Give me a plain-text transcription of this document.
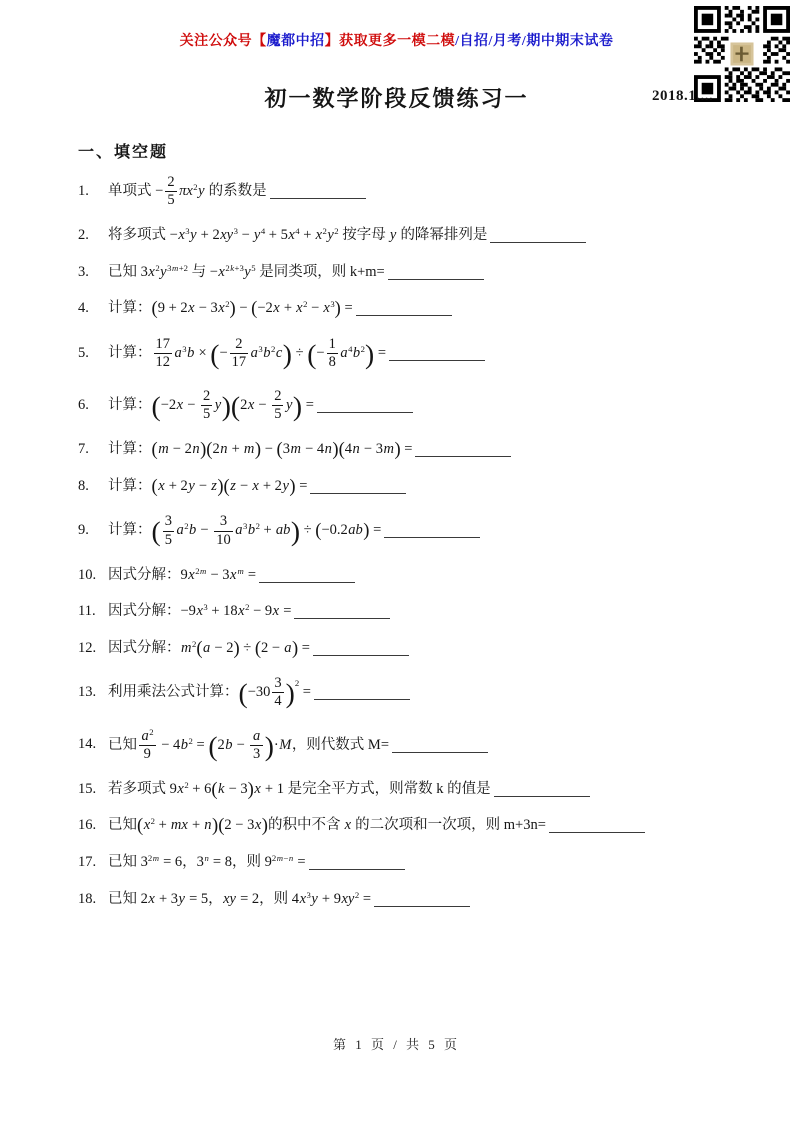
关注公众号【魔都中招】获取更多一模二模/自招/月考/期中期末试卷
2018.1....
初一数学阶段反馈练习一
一、填空题
1.	单项式 − $\frac{2}{5} \pi x^2y$ 的系数是
2.	将多项式 $-x^3y + 2xy^3 - y^4 + 5x^4 + x^2y^2$ 按字母 y 的降幂排列是
3.	已知 $3x^2y^{3m+2}$ 与 $-x^{2k+3}y^5$ 是同类项，则 k+m=
4.	计算：$(9 + 2x - 3x^2) - (-2x + x^2 - x^3)$ =
5.	计算： $\frac{17}{12} a^3b$ × (− $\frac{2}{17} a^3b^2c$) ÷ (− $\frac{1}{8} a^4b^2$) =
6.	计算：$(-2x - \frac{2}{5} y)(2x - \frac{2}{5} y)$ =
7.	计算：(m − 2n)(2n + m) − (3m − 4n)(4n − 3m) =
8.	计算：(x + 2y − z)(z − x + 2y) =
9.	计算：( $\frac{3}{5} a^2b - \frac{3}{10} a^3b^2 + ab) \div (-0.2ab)$ =
10. 因式分解：$9x^{2m} - 3x^m$ =
11. 因式分解：$-9x^3 + 18x^2 - 9x$ =
12. 因式分解：$m^2(a - 2) \div (2 - a)$ =
13. 利用乘法公式计算：$(-30 \frac{3}{4} )^2$ =
14. 已知 $\frac{a^2}{9} - 4b^2 = (2b - \frac{a}{3} )\cdot M$，则代数式 M=
15. 若多项式 $9x^2 + 6(k - 3)x + 1$ 是完全平方式，则常数 k 的值是
16. 已知($x^2$ + mx + n)(2 − 3x)的积中不含 x 的二次项和一次项，则 m+3n=
17. 已知 $3^{2m} = 6$，$3^n = 8$，则 $9^{2m-n}$ =
18. 已知 2x + 3y = 5，xy = 2，则 $4x^3y + 9xy^2$ =
第 1 页 / 共 5 页
